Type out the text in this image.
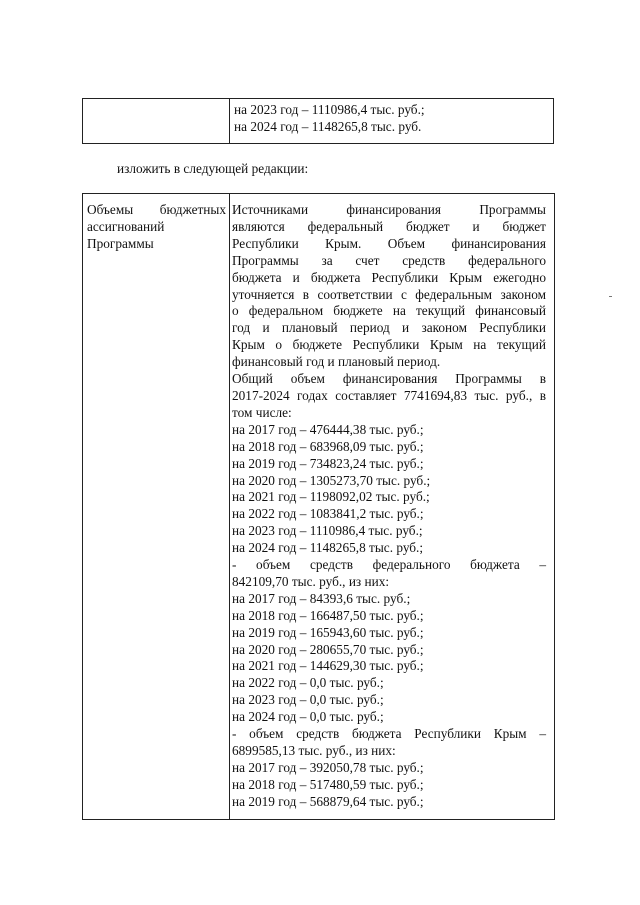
на 2023 год – 1110986,4 тыс. руб.;
на 2024 год – 1148265,8 тыс. руб.
изложить в следующей редакции:
Объемы бюджетных
ассигнований
Программы
Источниками финансирования Программы
являются федеральный бюджет и бюджет
Республики Крым. Объем финансирования
Программы за счет средств федерального
бюджета и бюджета Республики Крым ежегодно
уточняется в соответствии с федеральным законом
о федеральном бюджете на текущий финансовый
год и плановый период и законом Республики
Крым о бюджете Республики Крым на текущий
финансовый год и плановый период.
Общий объем финансирования Программы в
2017-2024 годах составляет 7741694,83 тыс. руб., в
том числе:
на 2017 год – 476444,38 тыс. руб.;
на 2018 год – 683968,09 тыс. руб.;
на 2019 год – 734823,24 тыс. руб.;
на 2020 год – 1305273,70 тыс. руб.;
на 2021 год – 1198092,02 тыс. руб.;
на 2022 год – 1083841,2 тыс. руб.;
на 2023 год – 1110986,4 тыс. руб.;
на 2024 год – 1148265,8 тыс. руб.;
- объем средств федерального бюджета –
842109,70 тыс. руб., из них:
на 2017 год – 84393,6 тыс. руб.;
на 2018 год – 166487,50 тыс. руб.;
на 2019 год – 165943,60 тыс. руб.;
на 2020 год – 280655,70 тыс. руб.;
на 2021 год – 144629,30 тыс. руб.;
на 2022 год – 0,0 тыс. руб.;
на 2023 год – 0,0 тыс. руб.;
на 2024 год – 0,0 тыс. руб.;
- объем средств бюджета Республики Крым –
6899585,13 тыс. руб., из них:
на 2017 год – 392050,78 тыс. руб.;
на 2018 год – 517480,59 тыс. руб.;
на 2019 год – 568879,64 тыс. руб.;
